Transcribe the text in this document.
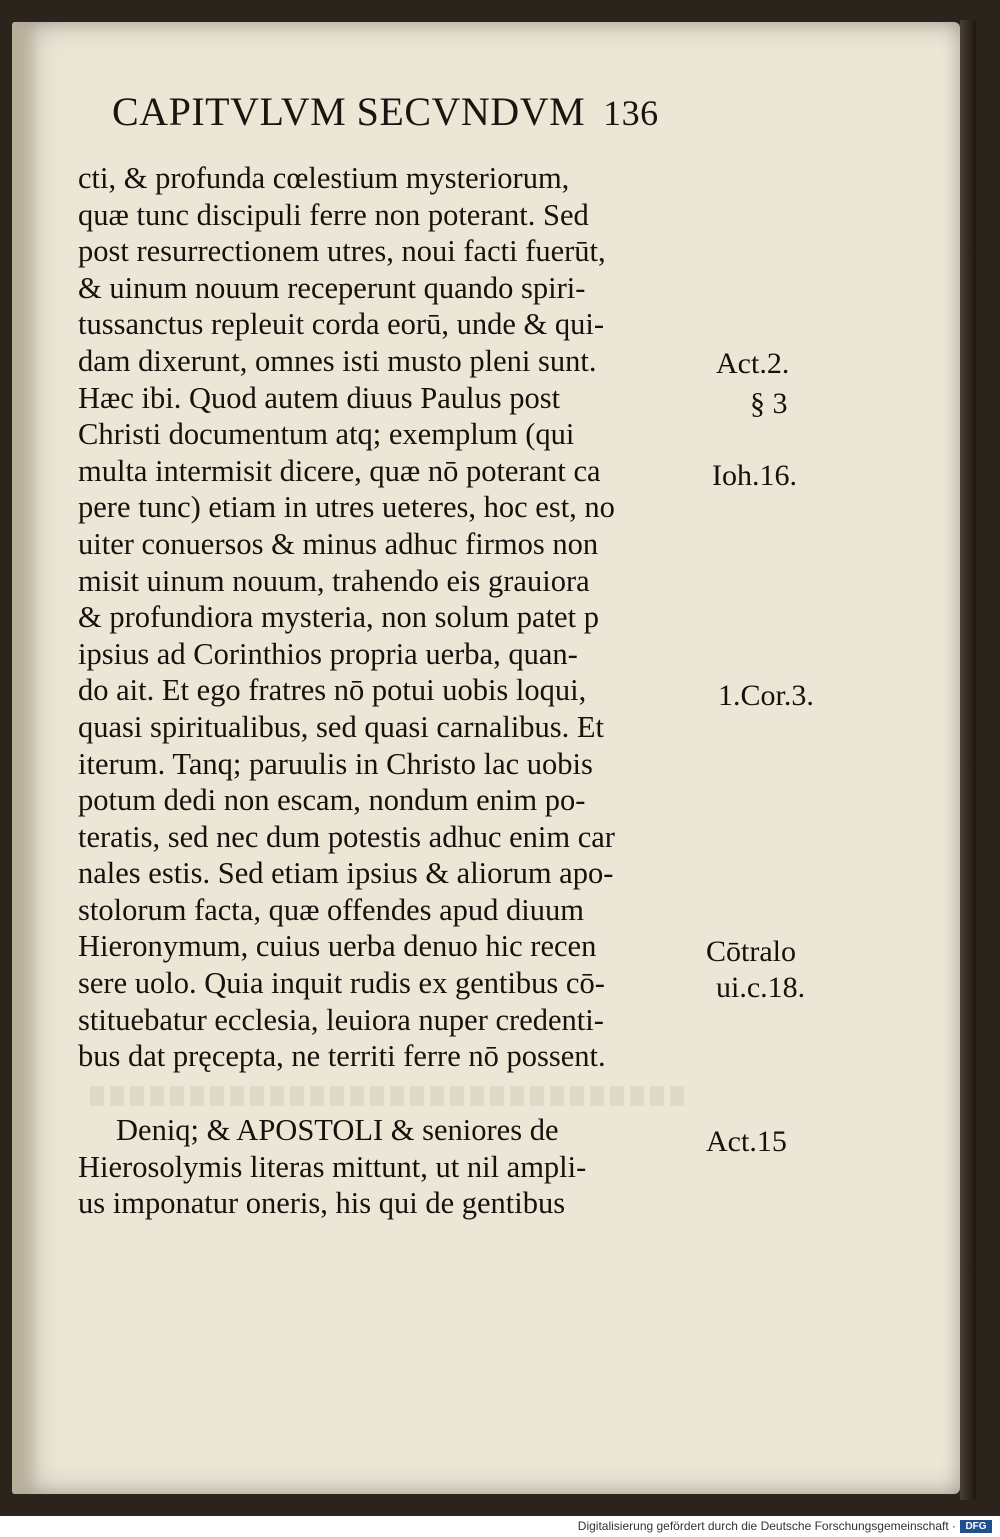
CAPITVLVM SECVNDVM 136
cti, & profunda cœlestium mysteriorum,
quæ tunc discipuli ferre non poterant. Sed
post resurrectionem utres, noui facti fuerūt,
& uinum nouum receperunt quando spiri-
tussanctus repleuit corda eorū, unde & qui-
dam dixerunt, omnes isti musto pleni sunt.
Hæc ibi. Quod autem diuus Paulus post
Christi documentum atq; exemplum (qui
multa intermisit dicere, quæ nō poterant ca
pere tunc) etiam in utres ueteres, hoc est, no
uiter conuersos & minus adhuc firmos non
misit uinum nouum, trahendo eis grauiora
& profundiora mysteria, non solum patet p
ipsius ad Corinthios propria uerba, quan-
do ait. Et ego fratres nō potui uobis loqui,
quasi spiritualibus, sed quasi carnalibus. Et
iterum. Tanq; paruulis in Christo lac uobis
potum dedi non escam, nondum enim po-
teratis, sed nec dum potestis adhuc enim car
nales estis. Sed etiam ipsius & aliorum apo-
stolorum facta, quæ offendes apud diuum
Hieronymum, cuius uerba denuo hic recen
sere uolo. Quia inquit rudis ex gentibus cō-
stituebatur ecclesia, leuiora nuper credenti-
bus dat pręcepta, ne territi ferre nō possent.
Deniq; & APOSTOLI & seniores de
Hierosolymis literas mittunt, ut nil ampli-
us imponatur oneris, his qui de gentibus
Act.2.
§ 3
Ioh.16.
1.Cor.3.
Cōtralo
ui.c.18.
Act.15
Digitalisierung gefördert durch die Deutsche Forschungsgemeinschaft · DFG
